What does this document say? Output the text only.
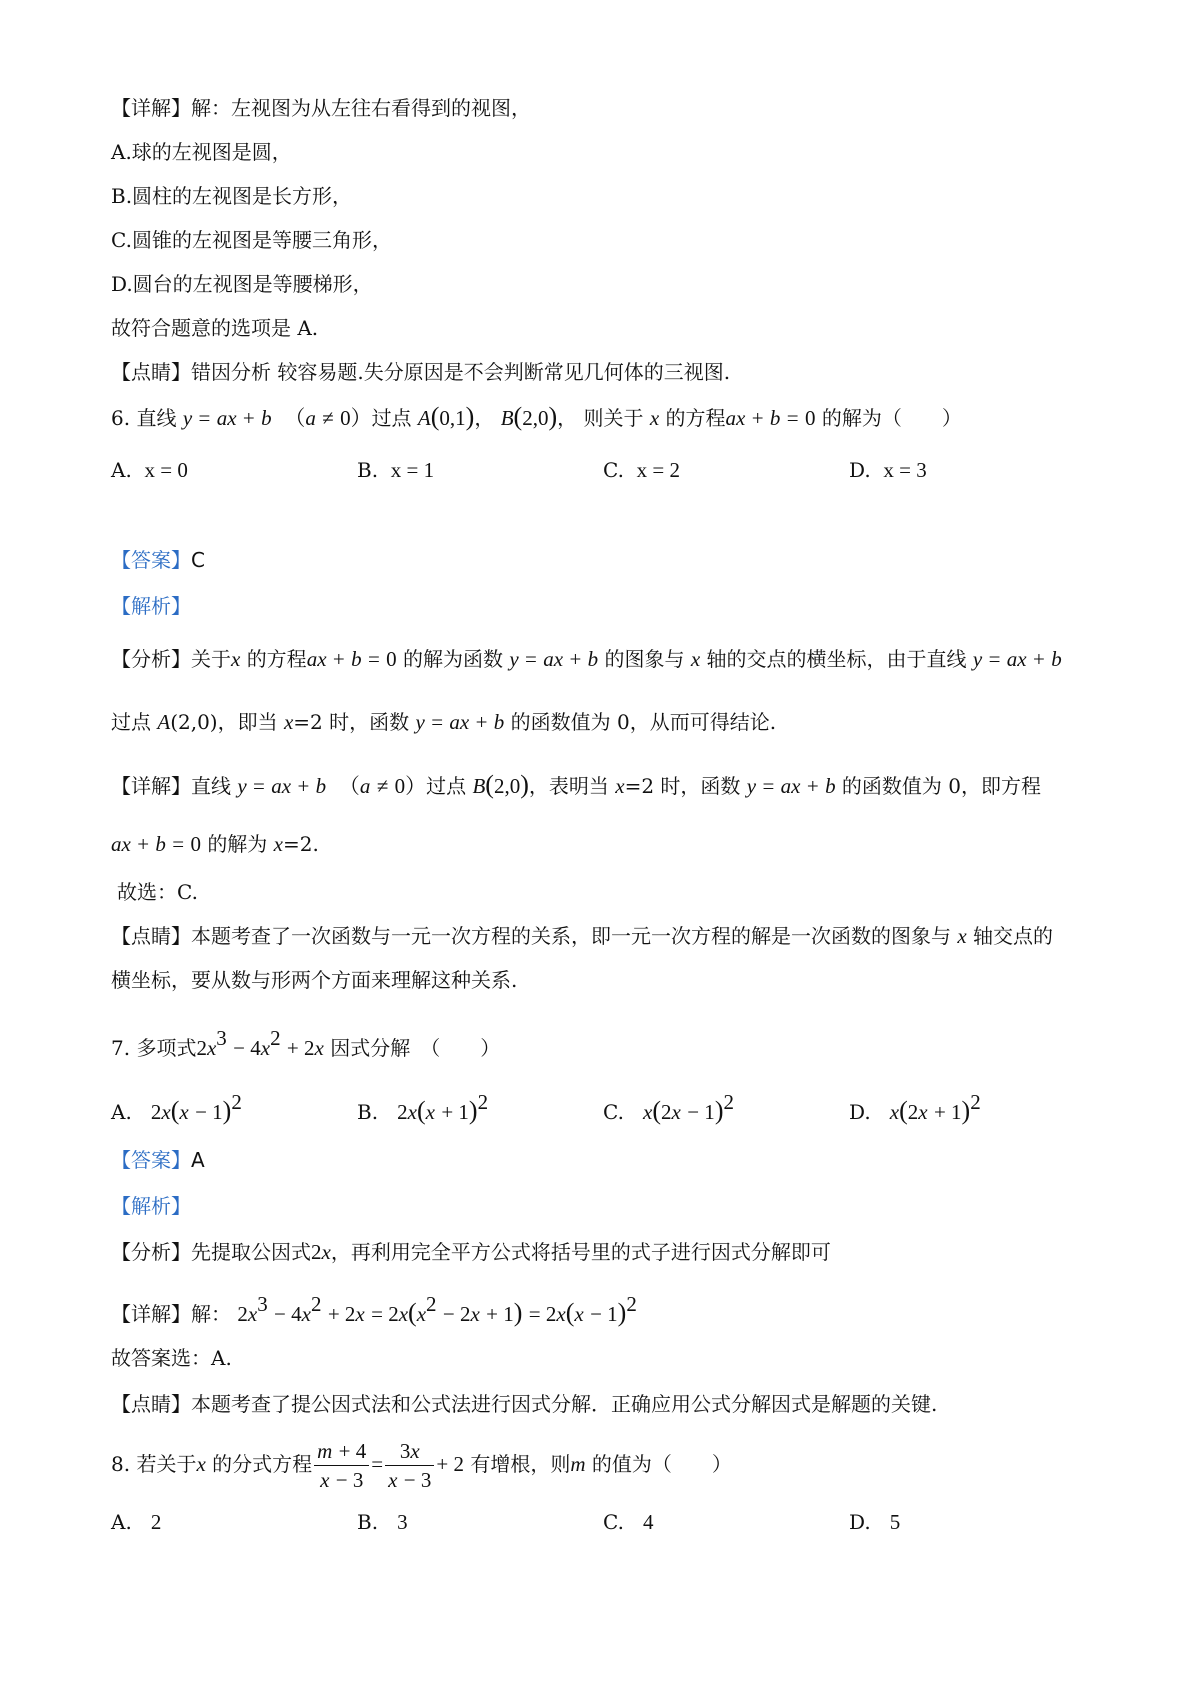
【详解】解：左视图为从左往右看得到的视图，
A.球的左视图是圆，
B.圆柱的左视图是长方形，
C.圆锥的左视图是等腰三角形，
D.圆台的左视图是等腰梯形，
故符合题意的选项是 A.
【点睛】错因分析 较容易题.失分原因是不会判断常见几何体的三视图.
6. 直线 y = ax + b （a ≠ 0）过点 A(0,1)， B(2,0)， 则关于 x 的方程ax + b = 0 的解为（　　）
A. x = 0	B. x = 1	C. x = 2	D. x = 3
【答案】C
【解析】
【分析】关于x 的方程ax + b = 0 的解为函数 y = ax + b 的图象与 x 轴的交点的横坐标，由于直线 y = ax + b
过点 A(2,0)，即当 x=2 时，函数 y = ax + b 的函数值为 0，从而可得结论.
【详解】直线 y = ax + b （a ≠ 0）过点 B(2,0)，表明当 x=2 时，函数 y = ax + b 的函数值为 0，即方程
ax + b = 0 的解为 x=2.
故选：C.
【点睛】本题考查了一次函数与一元一次方程的关系，即一元一次方程的解是一次函数的图象与 x 轴交点的
横坐标，要从数与形两个方面来理解这种关系.
7. 多项式$2x^3 - 4x^2 + 2x$ 因式分解　（　　）
A. $2x(x - 1)^2$	B. $2x(x + 1)^2$	C. $x(2x - 1)^2$	D. $x(2x + 1)^2$
【答案】A
【解析】
【分析】先提取公因式2x，再利用完全平方公式将括号里的式子进行因式分解即可
【详解】解： $2x^3 - 4x^2 + 2x = 2x(x^2 - 2x + 1) = 2x(x - 1)^2$
故答案选：A.
【点睛】本题考查了提公因式法和公式法进行因式分解．正确应用公式分解因式是解题的关键.
8. 若关于x 的分式方程 $\frac{m + 4}{x - 3} = \frac{3x}{x - 3} + 2$ 有增根，则m 的值为（　　）
A. 2	B. 3	C. 4	D. 5
